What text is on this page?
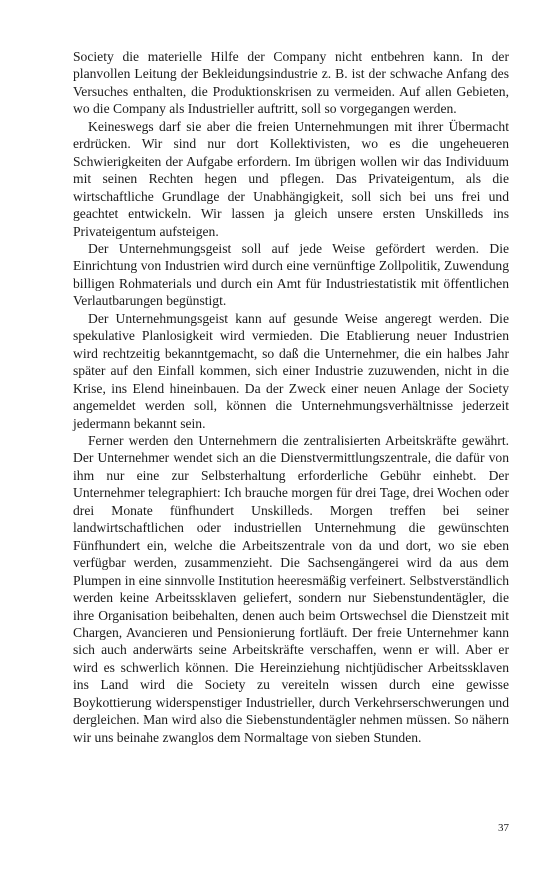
Society die materielle Hilfe der Company nicht entbehren kann. In der planvollen Leitung der Bekleidungsindustrie z. B. ist der schwache Anfang des Versuches enthalten, die Produktionskrisen zu vermeiden. Auf allen Gebieten, wo die Company als Industrieller auftritt, soll so vorgegangen werden.

Keineswegs darf sie aber die freien Unternehmungen mit ihrer Übermacht erdrücken. Wir sind nur dort Kollektivisten, wo es die ungeheueren Schwierigkeiten der Aufgabe erfordern. Im übrigen wollen wir das Individuum mit seinen Rechten hegen und pflegen. Das Privateigentum, als die wirtschaftliche Grundlage der Unabhängigkeit, soll sich bei uns frei und geachtet entwickeln. Wir lassen ja gleich unsere ersten Unskilleds ins Privateigentum aufsteigen.

Der Unternehmungsgeist soll auf jede Weise gefördert werden. Die Einrichtung von Industrien wird durch eine vernünftige Zollpolitik, Zuwendung billigen Rohmaterials und durch ein Amt für Industriestatistik mit öffentlichen Verlautbarungen begünstigt.

Der Unternehmungsgeist kann auf gesunde Weise angeregt werden. Die spekulative Planlosigkeit wird vermieden. Die Etablierung neuer Industrien wird rechtzeitig bekanntgemacht, so daß die Unternehmer, die ein halbes Jahr später auf den Einfall kommen, sich einer Industrie zuzuwenden, nicht in die Krise, ins Elend hineinbauen. Da der Zweck einer neuen Anlage der Society angemeldet werden soll, können die Unternehmungsverhältnisse jederzeit jedermann bekannt sein.

Ferner werden den Unternehmern die zentralisierten Arbeitskräfte gewährt. Der Unternehmer wendet sich an die Dienstvermittlungszentrale, die dafür von ihm nur eine zur Selbsterhaltung erforderliche Gebühr einhebt. Der Unternehmer telegraphiert: Ich brauche morgen für drei Tage, drei Wochen oder drei Monate fünfhundert Unskilleds. Morgen treffen bei seiner landwirtschaftlichen oder industriellen Unternehmung die gewünschten Fünfhundert ein, welche die Arbeitszentrale von da und dort, wo sie eben verfügbar werden, zusammenzieht. Die Sachsengängerei wird da aus dem Plumpen in eine sinnvolle Institution heeresmäßig verfeinert. Selbstverständlich werden keine Arbeitssklaven geliefert, sondern nur Siebenstundentägler, die ihre Organisation beibehalten, denen auch beim Ortswechsel die Dienstzeit mit Chargen, Avancieren und Pensionierung fortläuft. Der freie Unternehmer kann sich auch anderwärts seine Arbeitskräfte verschaffen, wenn er will. Aber er wird es schwerlich können. Die Hereinziehung nichtjüdischer Arbeitssklaven ins Land wird die Society zu vereiteln wissen durch eine gewisse Boykottierung widerspenstiger Industrieller, durch Verkehrserschwerungen und dergleichen. Man wird also die Siebenstundentägler nehmen müssen. So nähern wir uns beinahe zwanglos dem Normaltage von sieben Stunden.

37
